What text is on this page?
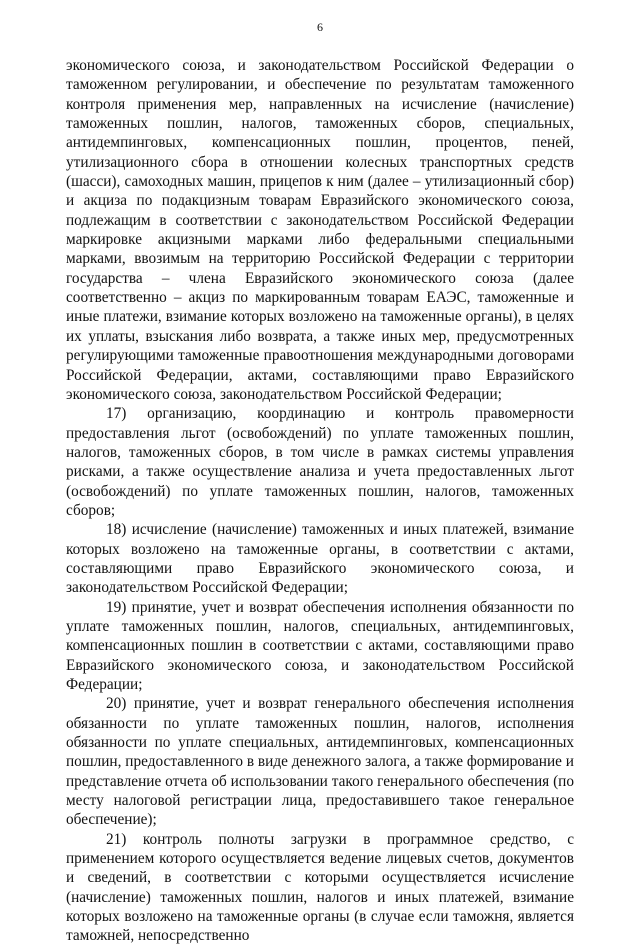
6

экономического союза, и законодательством Российской Федерации о таможенном регулировании, и обеспечение по результатам таможенного контроля применения мер, направленных на исчисление (начисление) таможенных пошлин, налогов, таможенных сборов, специальных, антидемпинговых, компенсационных пошлин, процентов, пеней, утилизационного сбора в отношении колесных транспортных средств (шасси), самоходных машин, прицепов к ним (далее – утилизационный сбор) и акциза по подакцизным товарам Евразийского экономического союза, подлежащим в соответствии с законодательством Российской Федерации маркировке акцизными марками либо федеральными специальными марками, ввозимым на территорию Российской Федерации с территории государства – члена Евразийского экономического союза (далее соответственно – акциз по маркированным товарам ЕАЭС, таможенные и иные платежи, взимание которых возложено на таможенные органы), в целях их уплаты, взыскания либо возврата, а также иных мер, предусмотренных регулирующими таможенные правоотношения международными договорами Российской Федерации, актами, составляющими право Евразийского экономического союза, законодательством Российской Федерации;

17) организацию, координацию и контроль правомерности предоставления льгот (освобождений) по уплате таможенных пошлин, налогов, таможенных сборов, в том числе в рамках системы управления рисками, а также осуществление анализа и учета предоставленных льгот (освобождений) по уплате таможенных пошлин, налогов, таможенных сборов;

18) исчисление (начисление) таможенных и иных платежей, взимание которых возложено на таможенные органы, в соответствии с актами, составляющими право Евразийского экономического союза, и законодательством Российской Федерации;

19) принятие, учет и возврат обеспечения исполнения обязанности по уплате таможенных пошлин, налогов, специальных, антидемпинговых, компенсационных пошлин в соответствии с актами, составляющими право Евразийского экономического союза, и законодательством Российской Федерации;

20) принятие, учет и возврат генерального обеспечения исполнения обязанности по уплате таможенных пошлин, налогов, исполнения обязанности по уплате специальных, антидемпинговых, компенсационных пошлин, предоставленного в виде денежного залога, а также формирование и представление отчета об использовании такого генерального обеспечения (по месту налоговой регистрации лица, предоставившего такое генеральное обеспечение);

21) контроль полноты загрузки в программное средство, с применением которого осуществляется ведение лицевых счетов, документов и сведений, в соответствии с которыми осуществляется исчисление (начисление) таможенных пошлин, налогов и иных платежей, взимание которых возложено на таможенные органы (в случае если таможня, является таможней, непосредственно
